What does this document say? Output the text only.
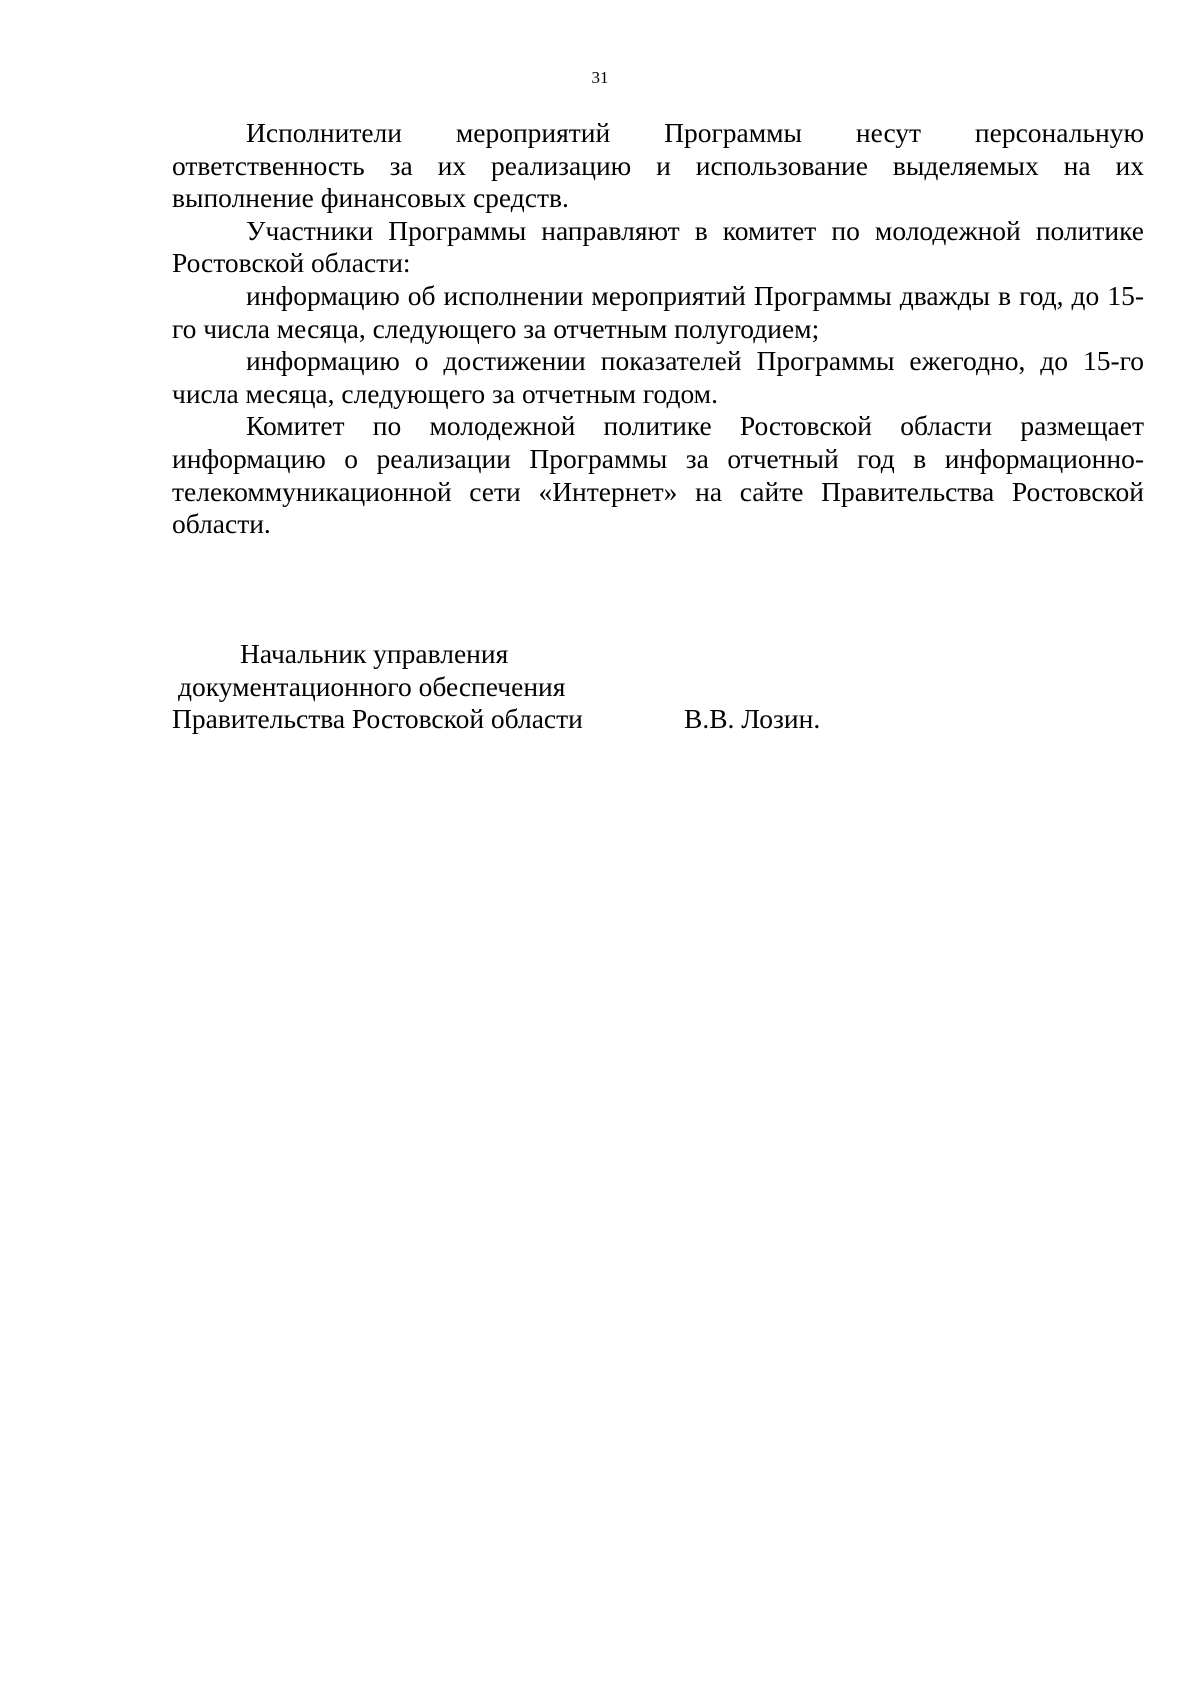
31

Исполнители мероприятий Программы несут персональную ответственность за их реализацию и использование выделяемых на их выполнение финансовых средств.

Участники Программы направляют в комитет по молодежной политике Ростовской области:

информацию об исполнении мероприятий Программы дважды в год, до 15-го числа месяца, следующего за отчетным полугодием;

информацию о достижении показателей Программы ежегодно, до 15-го числа месяца, следующего за отчетным годом.

Комитет по молодежной политике Ростовской области размещает информацию о реализации Программы за отчетный год в информационно-телекоммуникационной сети «Интернет» на сайте Правительства Ростовской области.

Начальник управления
документационного обеспечения
Правительства Ростовской области	В.В. Лозин.
